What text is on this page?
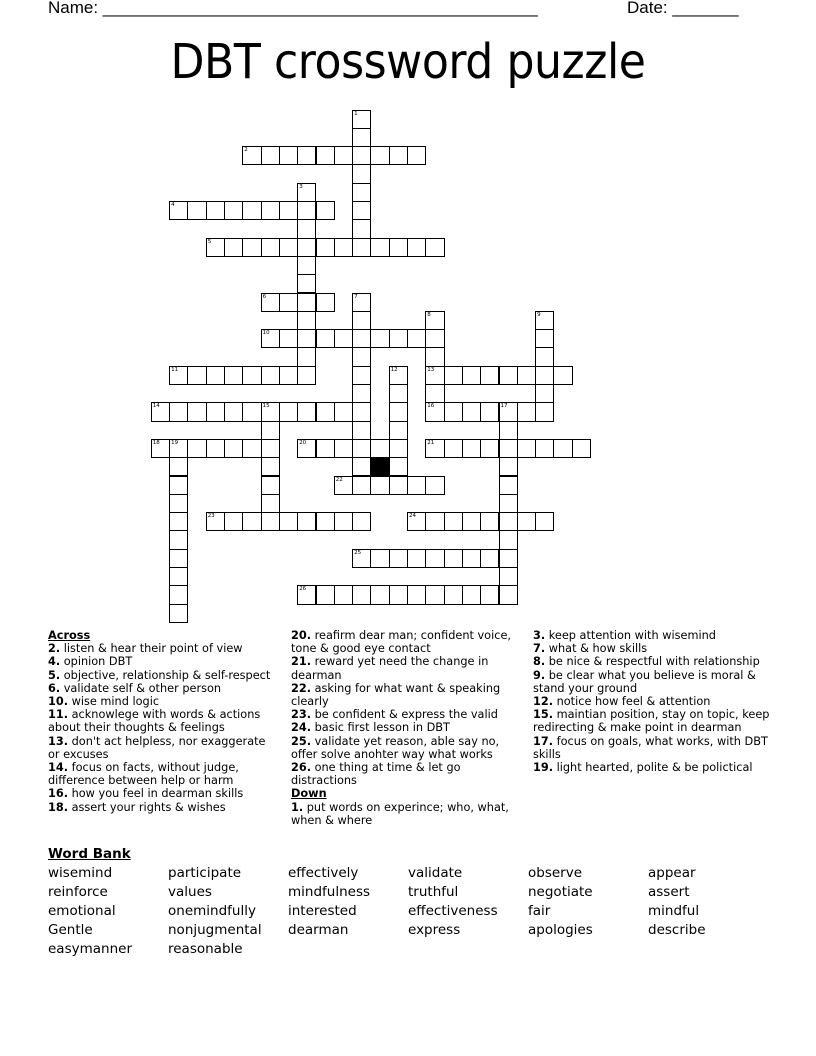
Name: ______________________________________________	Date: _______
DBT crossword puzzle
1
2
3
4
5
6	7
8
13
16
9
10
11	12
14	15	17
18 19	20	21
22
23	24
25
26
Across
2. listen & hear their point of view
4. opinion DBT
5. objective, relationship & self-respect
6. validate self & other person
10. wise mind logic
11. acknowlege with words & actions about their thoughts & feelings
13. don't act helpless, nor exaggerate or excuses
14. focus on facts, without judge, difference between help or harm
16. how you feel in dearman skills
18. assert your rights & wishes
20. reafirm dear man; confident voice, tone & good eye contact
21. reward yet need the change in dearman
22. asking for what want & speaking clearly
23. be confident & express the valid
24. basic first lesson in DBT
25. validate yet reason, able say no, offer solve anohter way what works
26. one thing at time & let go distractions
Down
1. put words on experince; who, what, when & where
3. keep attention with wisemind
7. what & how skills
8. be nice & respectful with relationship
9. be clear what you believe is moral & stand your ground
12. notice how feel & attention
15. maintian position, stay on topic, keep redirecting & make point in dearman
17. focus on goals, what works, with DBT skills
19. light hearted, polite & be polictical
Word Bank
wisemind	participate	effectively	validate	observe	appear
reinforce	values	mindfulness	truthful	negotiate	assert
emotional	onemindfully	interested	effectiveness	fair	mindful
Gentle	nonjugmental	dearman	express	apologies	describe
easymanner	reasonable
